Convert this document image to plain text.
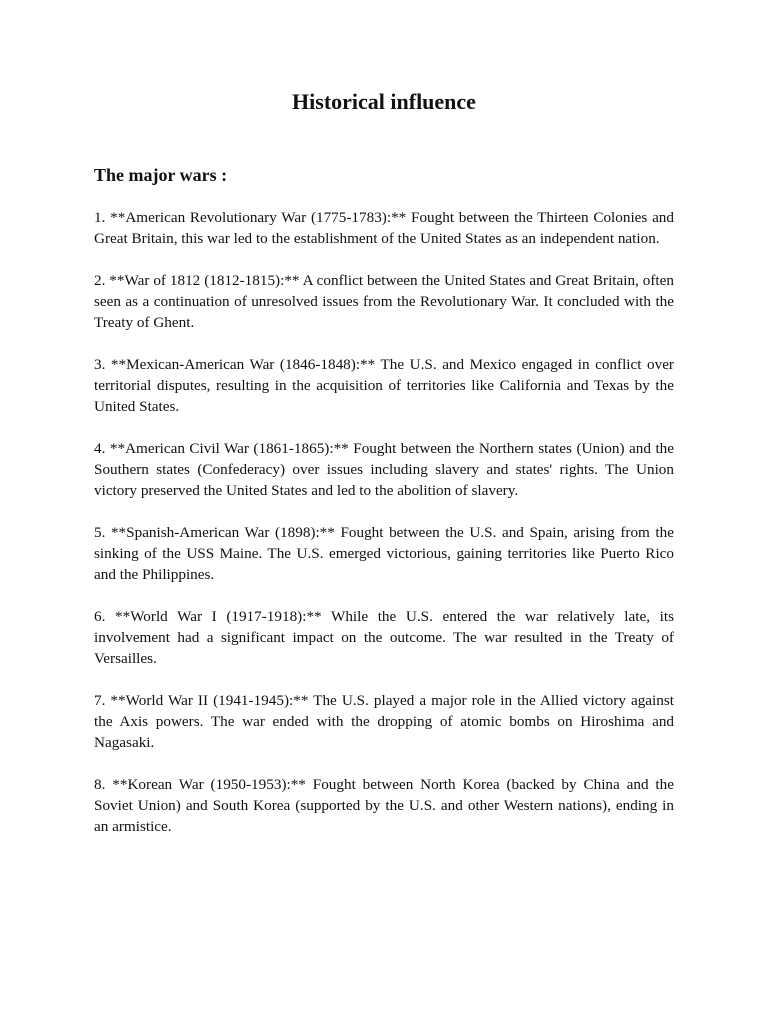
Historical influence
The major wars :
1. **American Revolutionary War (1775-1783):** Fought between the Thirteen Colonies and Great Britain, this war led to the establishment of the United States as an independent nation.
2. **War of 1812 (1812-1815):** A conflict between the United States and Great Britain, often seen as a continuation of unresolved issues from the Revolutionary War. It concluded with the Treaty of Ghent.
3. **Mexican-American War (1846-1848):** The U.S. and Mexico engaged in conflict over territorial disputes, resulting in the acquisition of territories like California and Texas by the United States.
4. **American Civil War (1861-1865):** Fought between the Northern states (Union) and the Southern states (Confederacy) over issues including slavery and states' rights. The Union victory preserved the United States and led to the abolition of slavery.
5. **Spanish-American War (1898):** Fought between the U.S. and Spain, arising from the sinking of the USS Maine. The U.S. emerged victorious, gaining territories like Puerto Rico and the Philippines.
6. **World War I (1917-1918):** While the U.S. entered the war relatively late, its involvement had a significant impact on the outcome. The war resulted in the Treaty of Versailles.
7. **World War II (1941-1945):** The U.S. played a major role in the Allied victory against the Axis powers. The war ended with the dropping of atomic bombs on Hiroshima and Nagasaki.
8. **Korean War (1950-1953):** Fought between North Korea (backed by China and the Soviet Union) and South Korea (supported by the U.S. and other Western nations), ending in an armistice.
